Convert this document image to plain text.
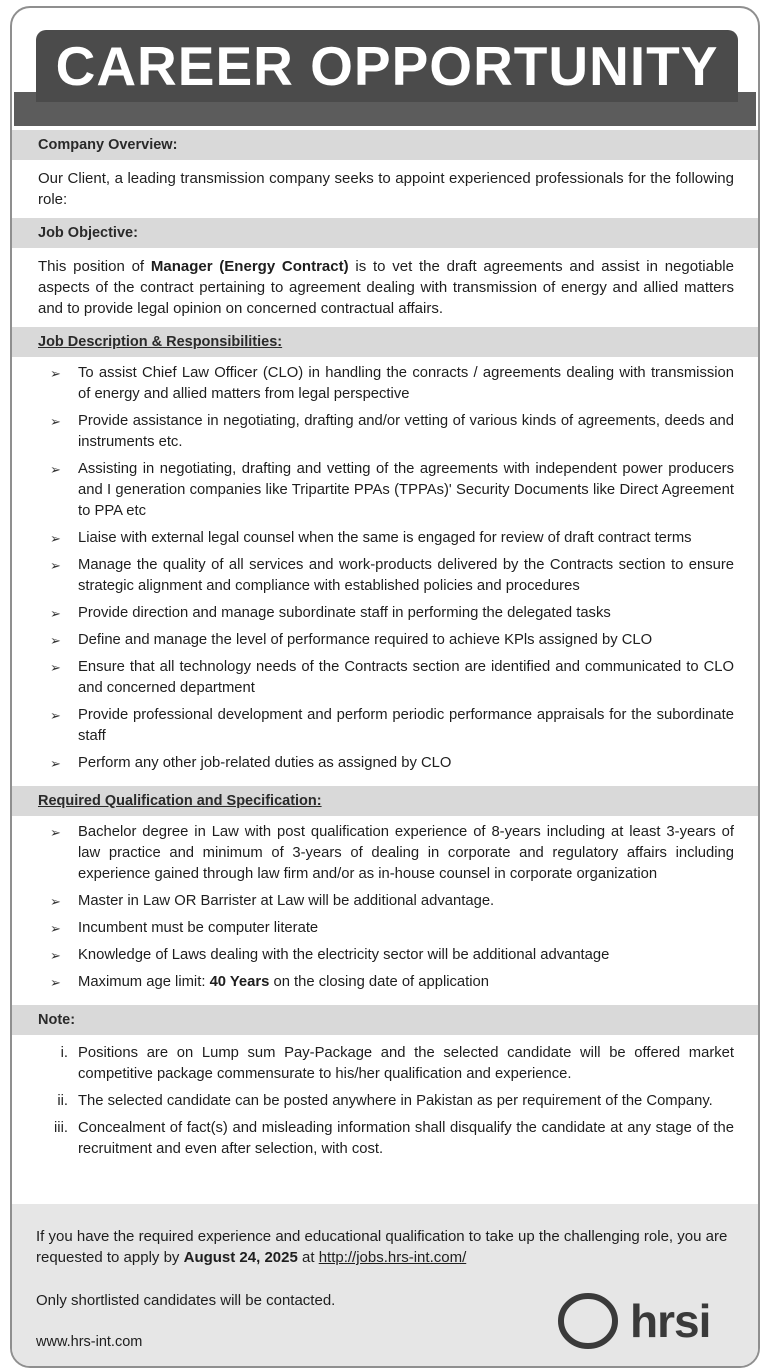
CAREER OPPORTUNITY
Company Overview:
Our Client, a leading transmission company seeks to appoint experienced professionals for the following role:
Job Objective:
This position of Manager (Energy Contract) is to vet the draft agreements and assist in negotiable aspects of the contract pertaining to agreement dealing with transmission of energy and allied matters and to provide legal opinion on concerned contractual affairs.
Job Description & Responsibilities:
➢ To assist Chief Law Officer (CLO) in handling the conracts / agreements dealing with transmission of energy and allied matters from legal perspective
➢ Provide assistance in negotiating, drafting and/or vetting of various kinds of agreements, deeds and instruments etc.
➢ Assisting in negotiating, drafting and vetting of the agreements with independent power producers and I generation companies like Tripartite PPAs (TPPAs)' Security Documents like Direct Agreement to PPA etc
➢ Liaise with external legal counsel when the same is engaged for review of draft contract terms
➢ Manage the quality of all services and work-products delivered by the Contracts section to ensure strategic alignment and compliance with established policies and procedures
➢ Provide direction and manage subordinate staff in performing the delegated tasks
➢ Define and manage the level of performance required to achieve KPls assigned by CLO
➢ Ensure that all technology needs of the Contracts section are identified and communicated to CLO and concerned department
➢ Provide professional development and perform periodic performance appraisals for the subordinate staff
➢ Perform any other job-related duties as assigned by CLO
Required Qualification and Specification:
➢ Bachelor degree in Law with post qualification experience of 8-years including at least 3-years of law practice and minimum of 3-years of dealing in corporate and regulatory affairs including experience gained through law firm and/or as in-house counsel in corporate organization
➢ Master in Law OR Barrister at Law will be additional advantage.
➢ Incumbent must be computer literate
➢ Knowledge of Laws dealing with the electricity sector will be additional advantage
➢ Maximum age limit: 40 Years on the closing date of application
Note:
i. Positions are on Lump sum Pay-Package and the selected candidate will be offered market competitive package commensurate to his/her qualification and experience.
ii. The selected candidate can be posted anywhere in Pakistan as per requirement of the Company.
iii. Concealment of fact(s) and misleading information shall disqualify the candidate at any stage of the recruitment and even after selection, with cost.
If you have the required experience and educational qualification to take up the challenging role, you are requested to apply by August 24, 2025 at http://jobs.hrs-int.com/
Only shortlisted candidates will be contacted.
www.hrs-int.com	hrsi
